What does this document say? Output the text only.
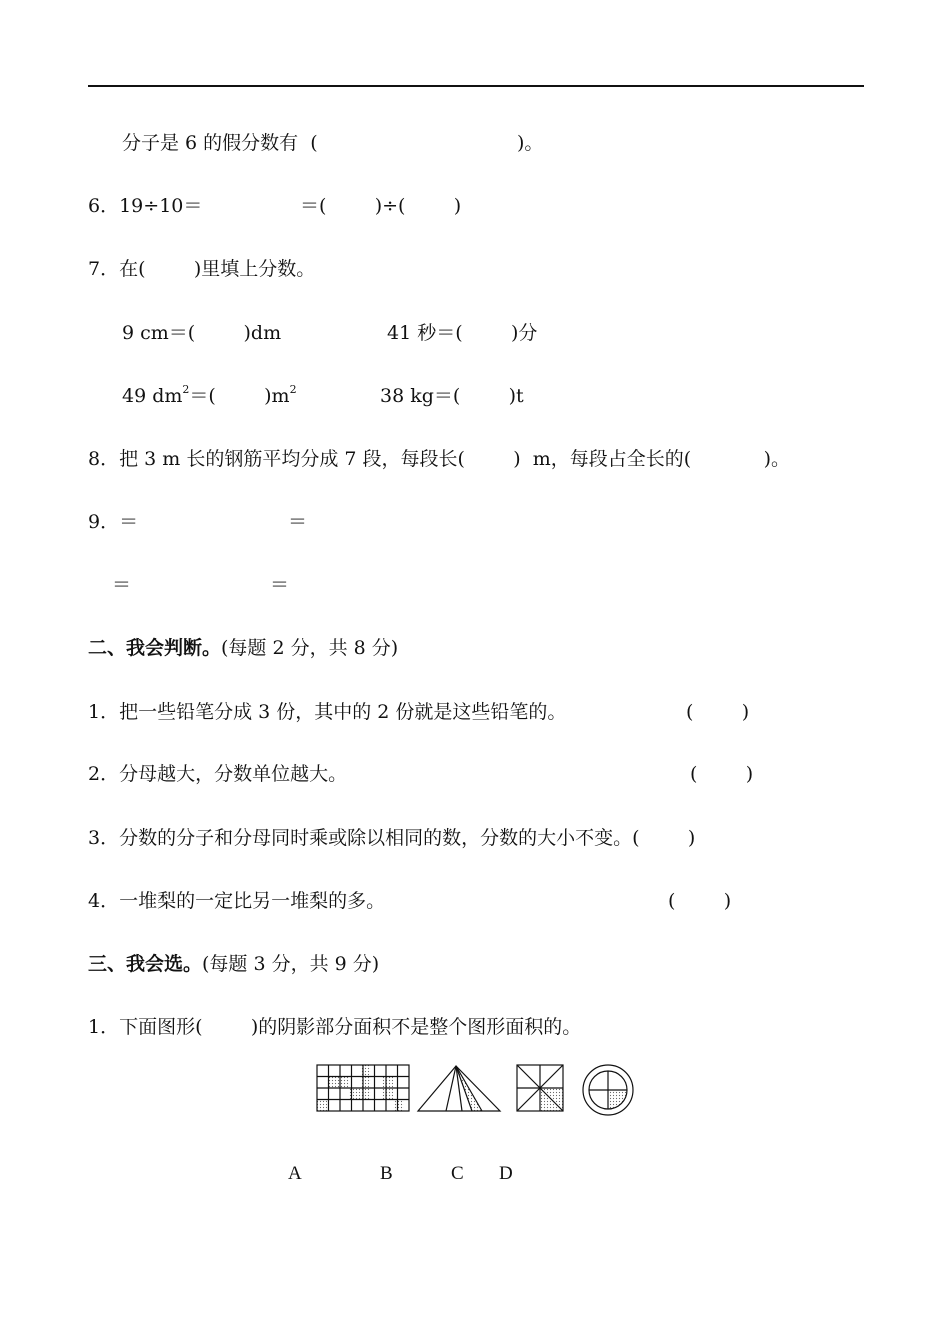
分子是 6 的假分数有  (	)。
6．19÷10＝	＝(        )÷(        )
7．在(        )里填上分数。
9 cm＝(        )dm	41 秒＝(        )分
49 $dm^2=$(        )$m^2$	38 kg＝(        )t
8．把 3 m 长的钢筋平均分成 7 段，每段长(        )  m，每段占全长的(            )。
9．＝	＝
＝	＝
二、我会判断。(每题 2 分，共 8 分)
1．把一些铅笔分成 3 份，其中的 2 份就是这些铅笔的。	(        )
2．分母越大，分数单位越大。	(        )
3．分数的分子和分母同时乘或除以相同的数，分数的大小不变。(        )
4．一堆梨的一定比另一堆梨的多。	(        )
三、我会选。(每题 3 分，共 9 分)
1．下面图形(        )的阴影部分面积不是整个图形面积的。
A	B	C D
